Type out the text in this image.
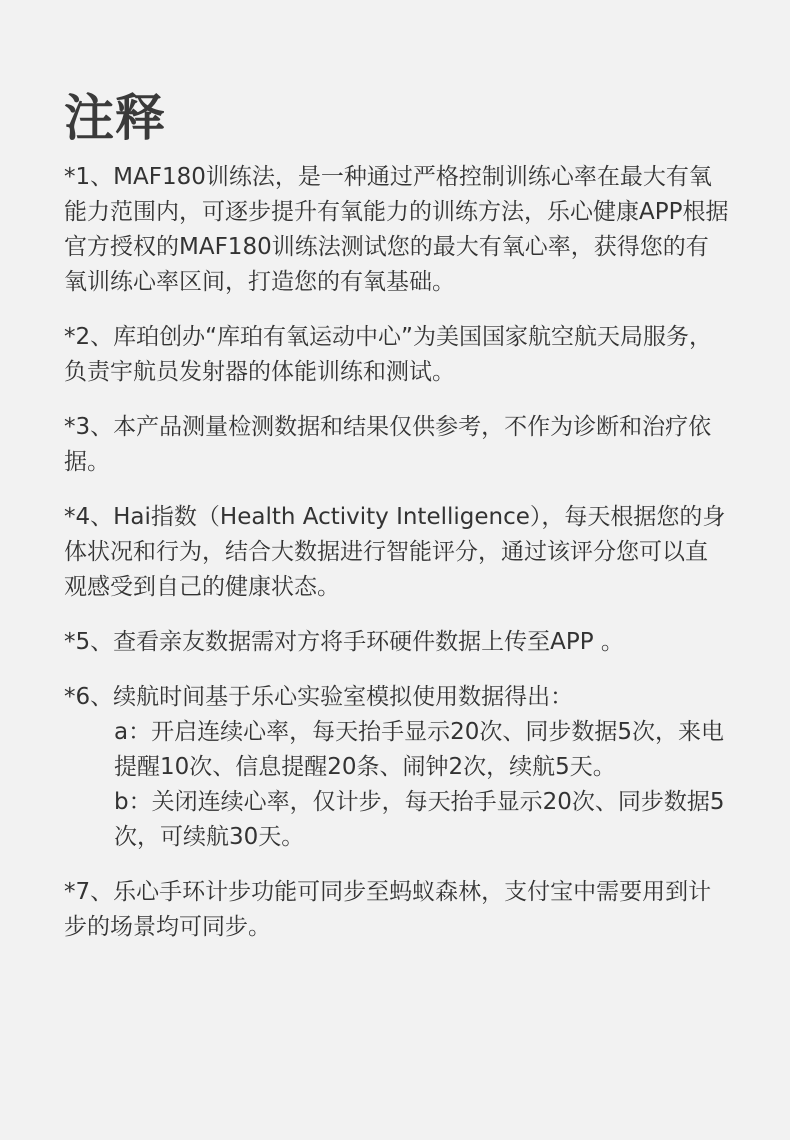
注释

*1、MAF180训练法，是一种通过严格控制训练心率在最大有氧能力范围内，可逐步提升有氧能力的训练方法，乐心健康APP根据官方授权的MAF180训练法测试您的最大有氧心率，获得您的有氧训练心率区间，打造您的有氧基础。

*2、库珀创办“库珀有氧运动中心”为美国国家航空航天局服务，负责宇航员发射器的体能训练和测试。

*3、本产品测量检测数据和结果仅供参考，不作为诊断和治疗依据。

*4、Hai指数（Health Activity Intelligence），每天根据您的身体状况和行为，结合大数据进行智能评分，通过该评分您可以直观感受到自己的健康状态。

*5、查看亲友数据需对方将手环硬件数据上传至APP 。

*6、续航时间基于乐心实验室模拟使用数据得出：
a：开启连续心率，每天抬手显示20次、同步数据5次，来电提醒10次、信息提醒20条、闹钟2次，续航5天。
b：关闭连续心率，仅计步，每天抬手显示20次、同步数据5次，可续航30天。

*7、乐心手环计步功能可同步至蚂蚁森林，支付宝中需要用到计步的场景均可同步。
